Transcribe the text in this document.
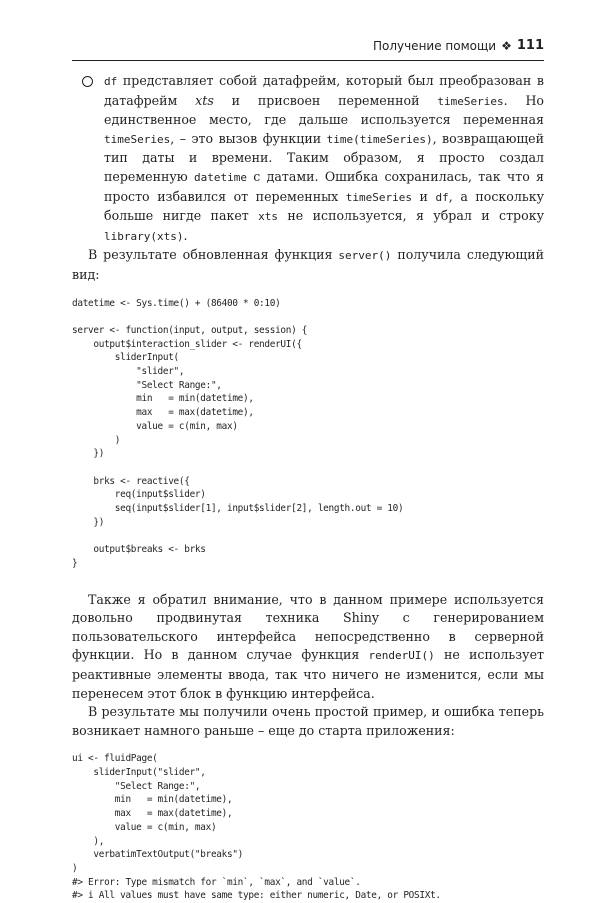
Получение помощи ❖ 111

df представляет собой датафрейм, который был преобразован в датафрейм xts и присвоен переменной timeSeries. Но единственное место, где дальше используется переменная timeSeries, – это вызов функции time(timeSeries), возвращающей тип даты и времени. Таким образом, я просто создал переменную datetime с датами. Ошибка сохранилась, так что я просто избавился от переменных timeSeries и df, а поскольку больше нигде пакет xts не используется, я убрал и строку library(xts).

В результате обновленная функция server() получила следующий вид:

datetime <- Sys.time() + (86400 * 0:10)

server <- function(input, output, session) {
output$interaction_slider <- renderUI({
sliderInput(
"slider",
"Select Range:",
min   = min(datetime),
max   = max(datetime),
value = c(min, max)
)
})

brks <- reactive({
req(input$slider)
seq(input$slider[1], input$slider[2], length.out = 10)
})

output$breaks <- brks
}

Также я обратил внимание, что в данном примере используется довольно продвинутая техника Shiny с генерированием пользовательского интерфейса непосредственно в серверной функции. Но в данном случае функция renderUI() не использует реактивные элементы ввода, так что ничего не изменится, если мы перенесем этот блок в функцию интерфейса.

В результате мы получили очень простой пример, и ошибка теперь возникает намного раньше – еще до старта приложения:

ui <- fluidPage(
sliderInput("slider",
"Select Range:",
min   = min(datetime),
max   = max(datetime),
value = c(min, max)
),
verbatimTextOutput("breaks")
)
#> Error: Type mismatch for `min`, `max`, and `value`.
#> i All values must have same type: either numeric, Date, or POSIXt.
